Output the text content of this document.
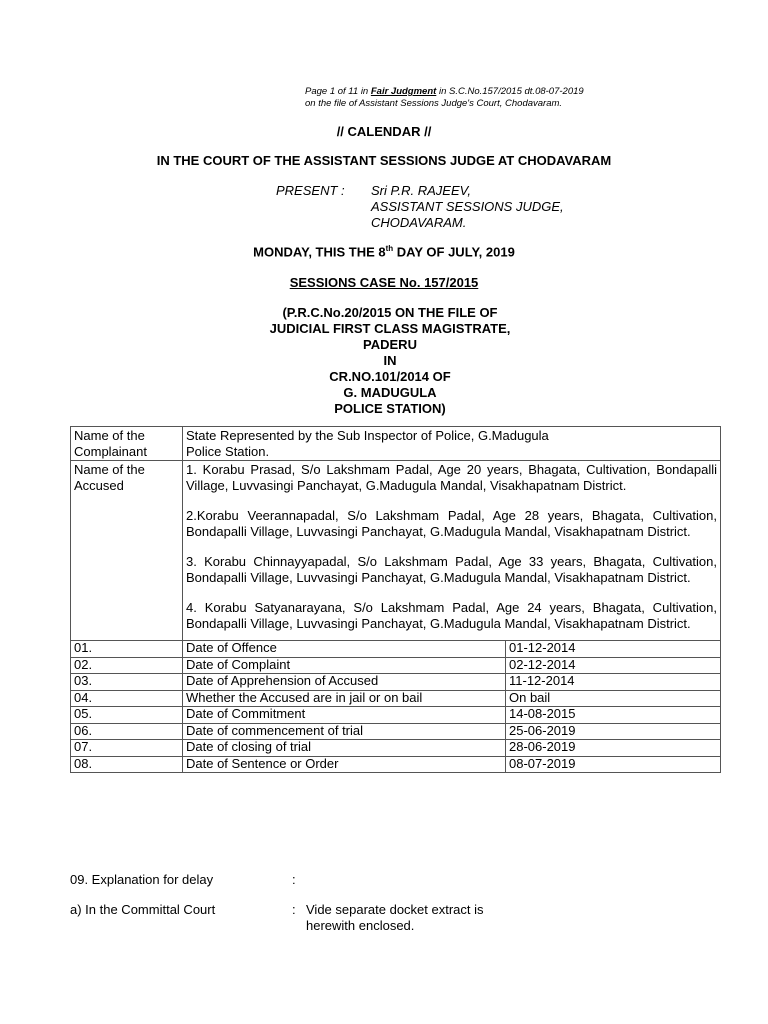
Page 1 of 11 in Fair Judgment in S.C.No.157/2015 dt.08-07-2019
on the file of Assistant Sessions Judge's Court, Chodavaram.
// CALENDAR //
IN THE COURT OF THE ASSISTANT SESSIONS JUDGE AT CHODAVARAM
PRESENT : Sri P.R. RAJEEV,
ASSISTANT SESSIONS JUDGE,
CHODAVARAM.
MONDAY, THIS THE 8th DAY OF JULY, 2019
SESSIONS CASE No. 157/2015
(P.R.C.No.20/2015 ON THE FILE OF
JUDICIAL FIRST CLASS MAGISTRATE,
PADERU
IN
CR.NO.101/2014 OF
G. MADUGULA
POLICE STATION)
Name of the Complainant	State Represented by the Sub Inspector of Police, G.Madugula Police Station.	
Name of the Accused	1. Korabu Prasad, S/o Lakshmam Padal, Age 20 years, Bhagata, Cultivation, Bondapalli Village, Luvvasingi Panchayat, G.Madugula Mandal, Visakhapatnam District.

2.Korabu Veerannapadal, S/o Lakshmam Padal, Age 28 years, Bhagata, Cultivation, Bondapalli Village, Luvvasingi Panchayat, G.Madugula Mandal, Visakhapatnam District.

3. Korabu Chinnayyapadal, S/o Lakshmam Padal, Age 33 years, Bhagata, Cultivation, Bondapalli Village, Luvvasingi Panchayat, G.Madugula Mandal, Visakhapatnam District.

4. Korabu Satyanarayana, S/o Lakshmam Padal, Age 24 years, Bhagata, Cultivation, Bondapalli Village, Luvvasingi Panchayat, G.Madugula Mandal, Visakhapatnam District.	

01.	Date of Offence	01-12-2014
02.	Date of Complaint	02-12-2014
03.	Date of Apprehension of Accused	11-12-2014
04.	Whether the Accused are in jail or on bail	On bail
05.	Date of Commitment	14-08-2015
06.	Date of commencement of trial	25-06-2019
07.	Date of closing of trial	28-06-2019
08.	Date of Sentence or Order	08-07-2019
09. Explanation for delay	:
a) In the Committal Court	: Vide separate docket extract is
herewith enclosed.
